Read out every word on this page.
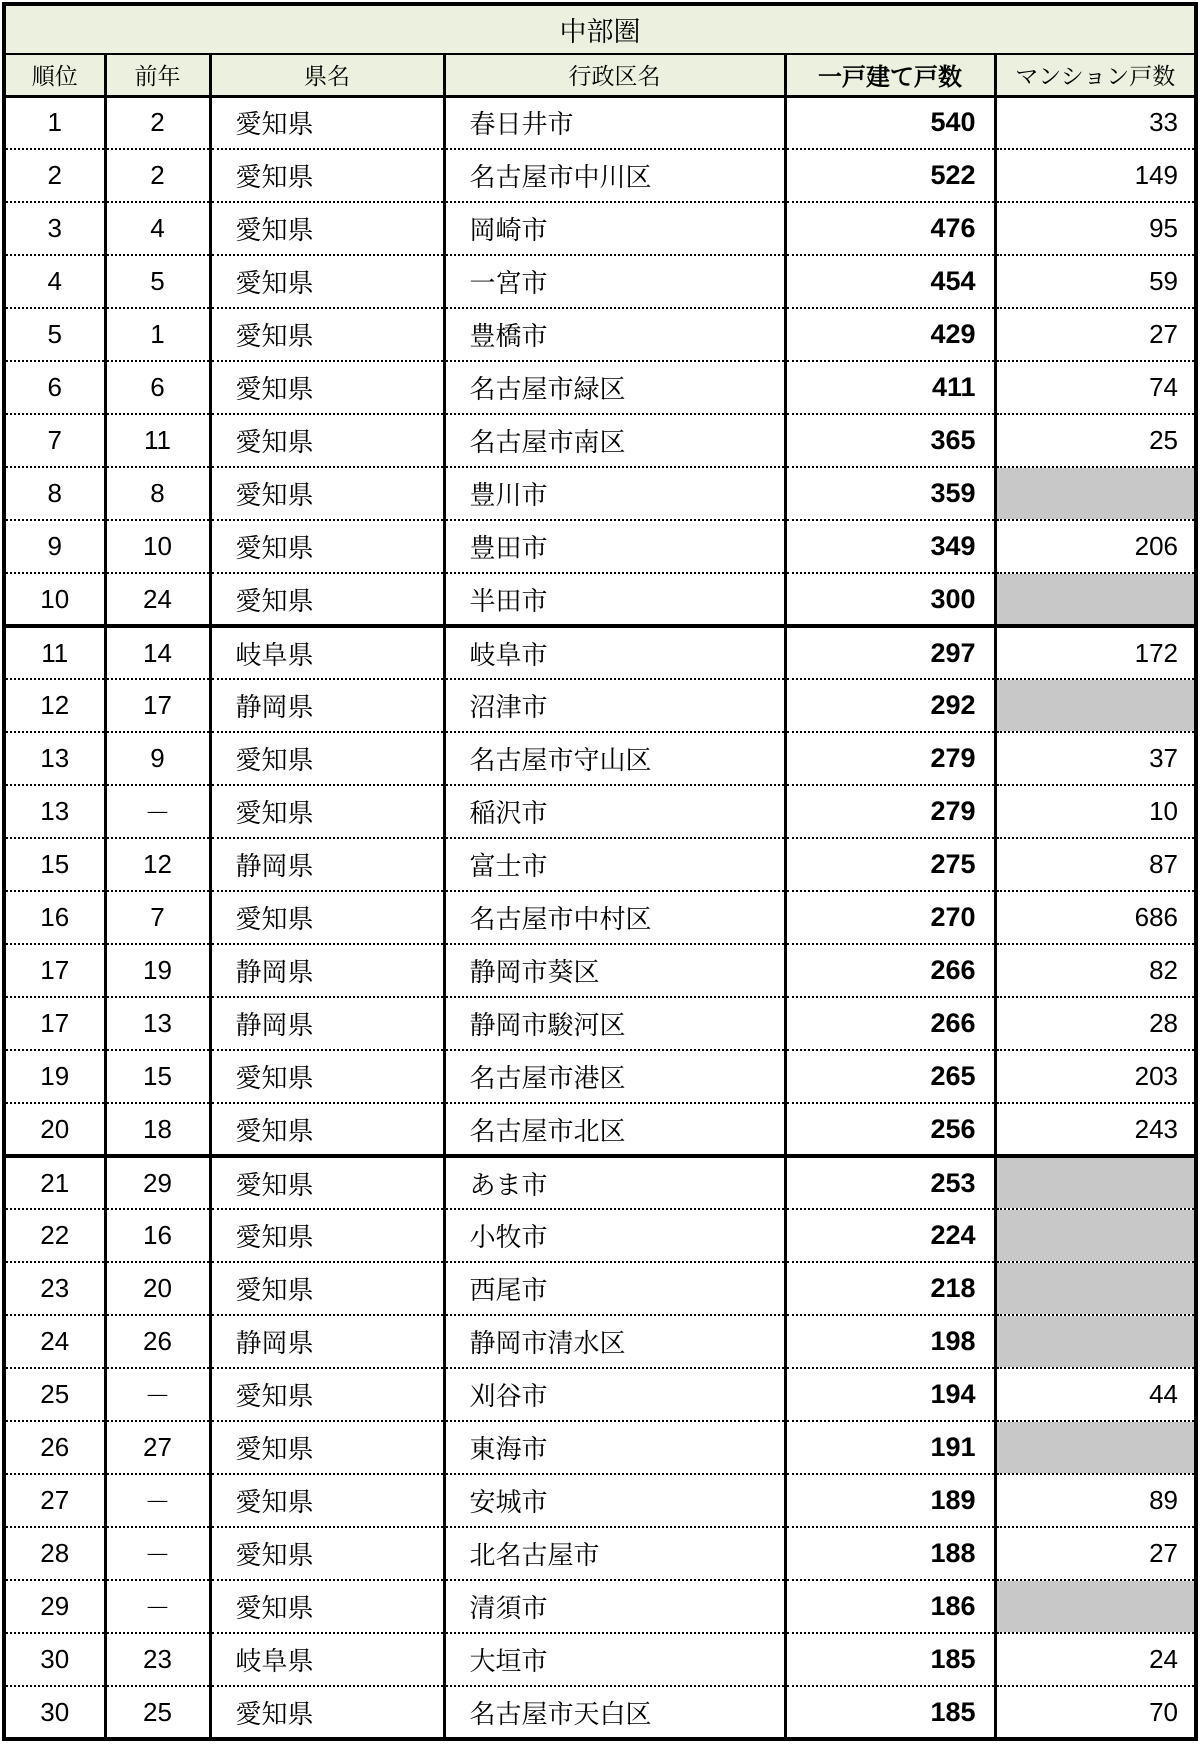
中部圏					
順位	前年	県名	行政区名	一戸建て戸数	マンション戸数
1	2	愛知県	春日井市	540	33
2	2	愛知県	名古屋市中川区	522	149
3	4	愛知県	岡崎市	476	95
4	5	愛知県	一宮市	454	59
5	1	愛知県	豊橋市	429	27
6	6	愛知県	名古屋市緑区	411	74
7	11	愛知県	名古屋市南区	365	25
8	8	愛知県	豊川市	359	
9	10	愛知県	豊田市	349	206
10	24	愛知県	半田市	300	
11	14	岐阜県	岐阜市	297	172
12	17	静岡県	沼津市	292	
13	9	愛知県	名古屋市守山区	279	37
13	－	愛知県	稲沢市	279	10
15	12	静岡県	富士市	275	87
16	7	愛知県	名古屋市中村区	270	686
17	19	静岡県	静岡市葵区	266	82
17	13	静岡県	静岡市駿河区	266	28
19	15	愛知県	名古屋市港区	265	203
20	18	愛知県	名古屋市北区	256	243
21	29	愛知県	あま市	253	
22	16	愛知県	小牧市	224	
23	20	愛知県	西尾市	218	
24	26	静岡県	静岡市清水区	198	
25	－	愛知県	刈谷市	194	44
26	27	愛知県	東海市	191	
27	－	愛知県	安城市	189	89
28	－	愛知県	北名古屋市	188	27
29	－	愛知県	清須市	186	
30	23	岐阜県	大垣市	185	24
30	25	愛知県	名古屋市天白区	185	70
